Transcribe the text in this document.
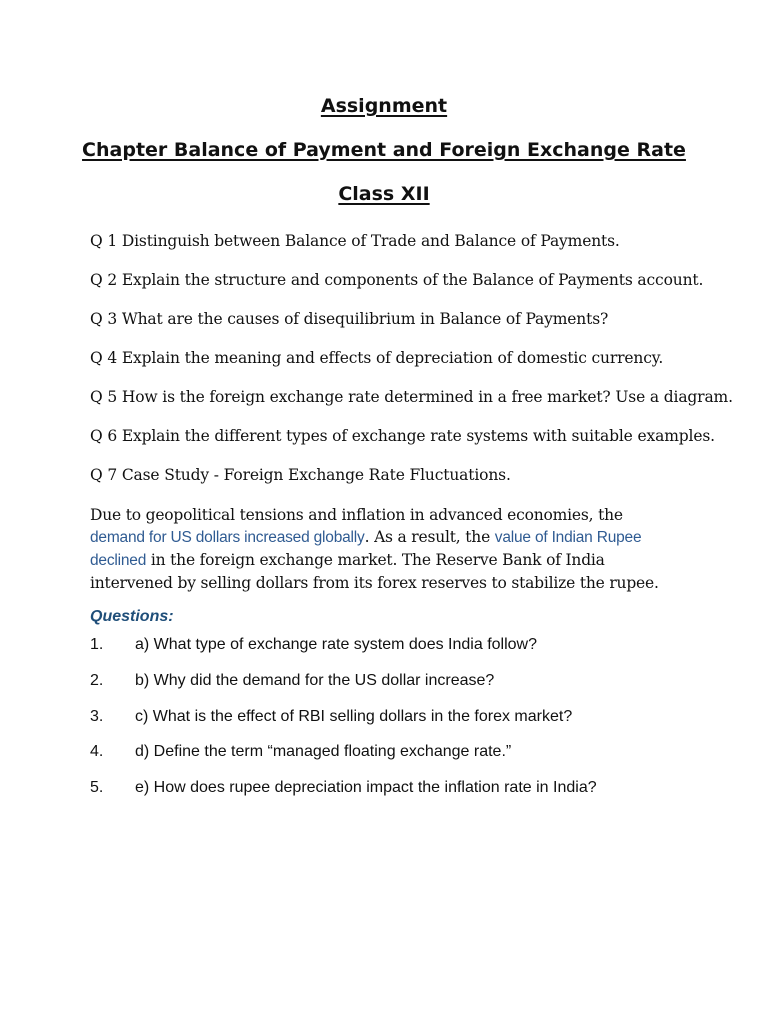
Assignment
Chapter Balance of Payment and Foreign Exchange Rate
Class XII
Q 1 Distinguish between Balance of Trade and Balance of Payments.
Q 2 Explain the structure and components of the Balance of Payments account.
Q 3 What are the causes of disequilibrium in Balance of Payments?
Q 4 Explain the meaning and effects of depreciation of domestic currency.
Q 5 How is the foreign exchange rate determined in a free market? Use a diagram.
Q 6 Explain the different types of exchange rate systems with suitable examples.
Q 7 Case Study - Foreign Exchange Rate Fluctuations.
Due to geopolitical tensions and inflation in advanced economies, the demand for US dollars increased globally. As a result, the value of Indian Rupee declined in the foreign exchange market. The Reserve Bank of India intervened by selling dollars from its forex reserves to stabilize the rupee.
Questions:
1. a) What type of exchange rate system does India follow?
2. b) Why did the demand for the US dollar increase?
3. c) What is the effect of RBI selling dollars in the forex market?
4. d) Define the term “managed floating exchange rate.”
5. e) How does rupee depreciation impact the inflation rate in India?
